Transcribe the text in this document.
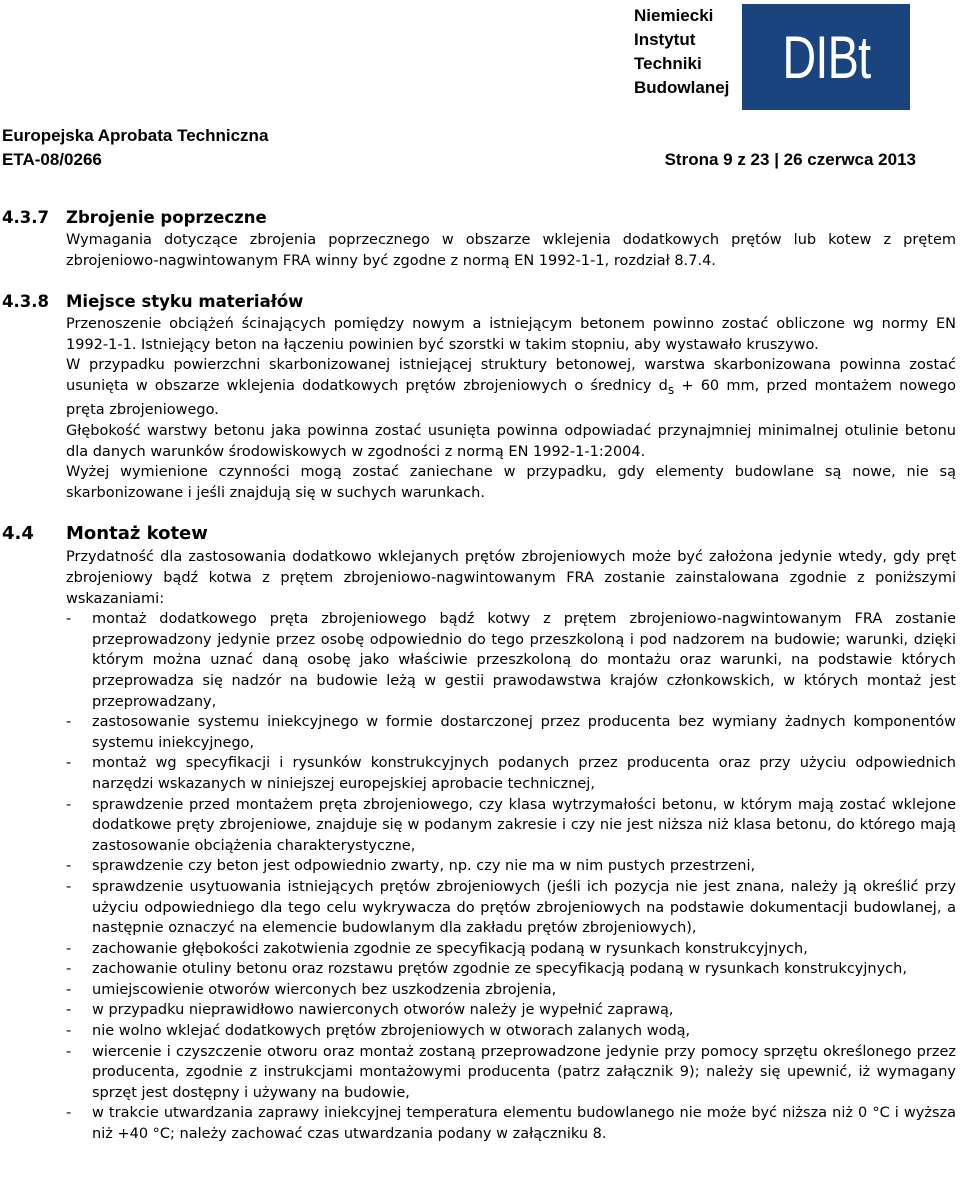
Niemiecki
Instytut
Techniki
Budowlanej DIBt
Europejska Aprobata Techniczna
ETA-08/0266	Strona 9 z 23 | 26 czerwca 2013
4.3.7 Zbrojenie poprzeczne

Wymagania dotyczące zbrojenia poprzecznego w obszarze wklejenia dodatkowych prętów lub kotew z prętem zbrojeniowo-nagwintowanym FRA winny być zgodne z normą EN 1992-1-1, rozdział 8.7.4.

4.3.8 Miejsce styku materiałów

Przenoszenie obciążeń ścinających pomiędzy nowym a istniejącym betonem powinno zostać obliczone wg normy EN 1992-1-1. Istniejący beton na łączeniu powinien być szorstki w takim stopniu, aby wystawało kruszywo.

W przypadku powierzchni skarbonizowanej istniejącej struktury betonowej, warstwa skarbonizowana powinna zostać usunięta w obszarze wklejenia dodatkowych prętów zbrojeniowych o średnicy $d_s + 60$ mm, przed montażem nowego pręta zbrojeniowego.

Głębokość warstwy betonu jaka powinna zostać usunięta powinna odpowiadać przynajmniej minimalnej otulinie betonu dla danych warunków środowiskowych w zgodności z normą EN 1992-1-1:2004.

Wyżej wymienione czynności mogą zostać zaniechane w przypadku, gdy elementy budowlane są nowe, nie są skarbonizowane i jeśli znajdują się w suchych warunkach.

4.4 Montaż kotew

Przydatność dla zastosowania dodatkowo wklejanych prętów zbrojeniowych może być założona jedynie wtedy, gdy pręt zbrojeniowy bądź kotwa z prętem zbrojeniowo-nagwintowanym FRA zostanie zainstalowana zgodnie z poniższymi wskazaniami:

- montaż dodatkowego pręta zbrojeniowego bądź kotwy z prętem zbrojeniowo-nagwintowanym FRA zostanie przeprowadzony jedynie przez osobę odpowiednio do tego przeszkoloną i pod nadzorem na budowie; warunki, dzięki którym można uznać daną osobę jako właściwie przeszkoloną do montażu oraz warunki, na podstawie których przeprowadza się nadzór na budowie leżą w gestii prawodawstwa krajów członkowskich, w których montaż jest przeprowadzany,
- zastosowanie systemu iniekcyjnego w formie dostarczonej przez producenta bez wymiany żadnych komponentów systemu iniekcyjnego,
- montaż wg specyfikacji i rysunków konstrukcyjnych podanych przez producenta oraz przy użyciu odpowiednich narzędzi wskazanych w niniejszej europejskiej aprobacie technicznej,
- sprawdzenie przed montażem pręta zbrojeniowego, czy klasa wytrzymałości betonu, w którym mają zostać wklejone dodatkowe pręty zbrojeniowe, znajduje się w podanym zakresie i czy nie jest niższa niż klasa betonu, do którego mają zastosowanie obciążenia charakterystyczne,
- sprawdzenie czy beton jest odpowiednio zwarty, np. czy nie ma w nim pustych przestrzeni,
- sprawdzenie usytuowania istniejących prętów zbrojeniowych (jeśli ich pozycja nie jest znana, należy ją określić przy użyciu odpowiedniego dla tego celu wykrywacza do prętów zbrojeniowych na podstawie dokumentacji budowlanej, a następnie oznaczyć na elemencie budowlanym dla zakładu prętów zbrojeniowych),
- zachowanie głębokości zakotwienia zgodnie ze specyfikacją podaną w rysunkach konstrukcyjnych,
- zachowanie otuliny betonu oraz rozstawu prętów zgodnie ze specyfikacją podaną w rysunkach konstrukcyjnych,
- umiejscowienie otworów wierconych bez uszkodzenia zbrojenia,
- w przypadku nieprawidłowo nawierconych otworów należy je wypełnić zaprawą,
- nie wolno wklejać dodatkowych prętów zbrojeniowych w otworach zalanych wodą,
- wiercenie i czyszczenie otworu oraz montaż zostaną przeprowadzone jedynie przy pomocy sprzętu określonego przez producenta, zgodnie z instrukcjami montażowymi producenta (patrz załącznik 9); należy się upewnić, iż wymagany sprzęt jest dostępny i używany na budowie,
- w trakcie utwardzania zaprawy iniekcyjnej temperatura elementu budowlanego nie może być niższa niż 0 °C i wyższa niż +40 °C; należy zachować czas utwardzania podany w załączniku 8.
